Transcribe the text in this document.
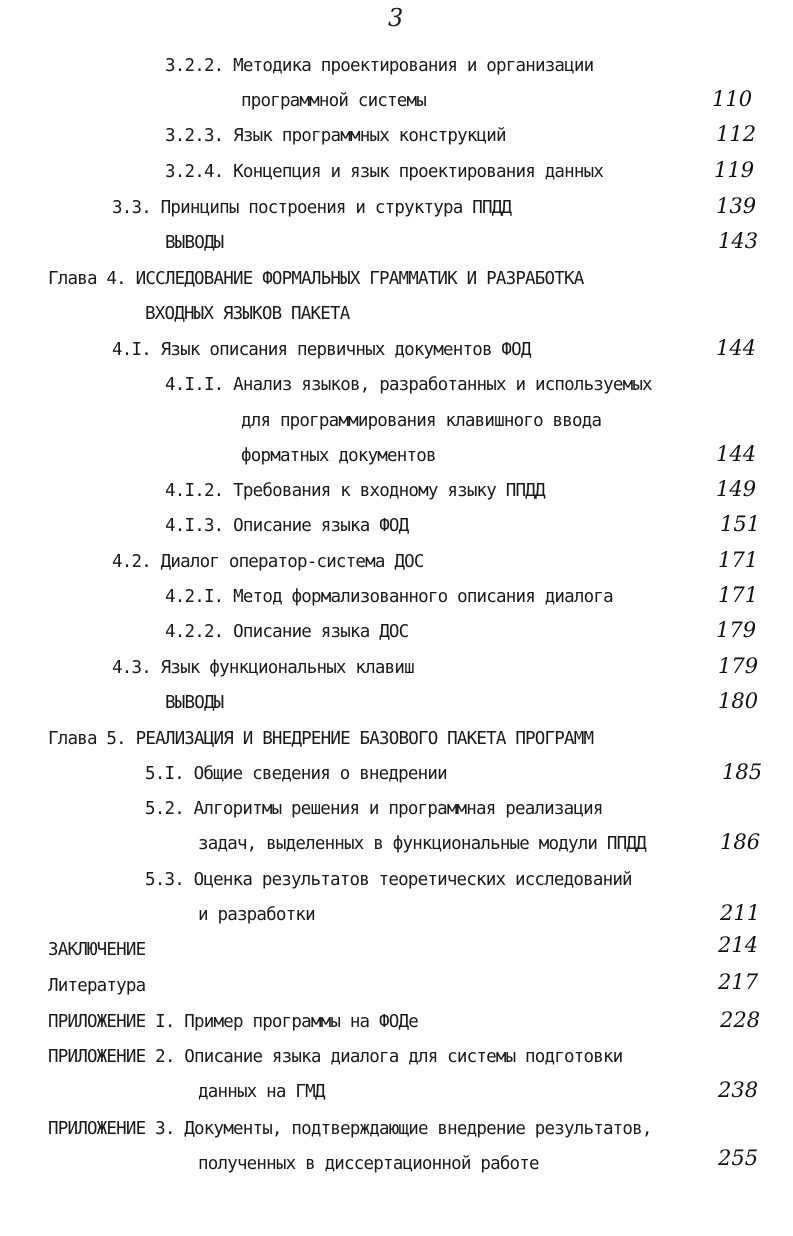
3
3.2.2. Методика проектирования и организации
программной системы	110
3.2.3. Язык программных конструкций	112
3.2.4. Концепция и язык проектирования данных	119
3.3. Принципы построения и структура ППДД	139
ВЫВОДЫ	143
Глава 4. ИССЛЕДОВАНИЕ ФОРМАЛЬНЫХ ГРАММАТИК И РАЗРАБОТКА
ВХОДНЫХ ЯЗЫКОВ ПАКЕТА
4.I. Язык описания первичных документов ФОД	144
4.I.I. Анализ языков, разработанных и используемых
для программирования клавишного ввода
форматных документов	144
4.I.2. Требования к входному языку ППДД	149
4.I.3. Описание языка ФОД	151
4.2. Диалог оператор-система ДОС	171
4.2.I. Метод формализованного описания диалога	171
4.2.2. Описание языка ДОС	179
4.3. Язык функциональных клавиш	179
ВЫВОДЫ	180
Глава 5. РЕАЛИЗАЦИЯ И ВНЕДРЕНИЕ БАЗОВОГО ПАКЕТА ПРОГРАММ
5.I. Общие сведения о внедрении	185
5.2. Алгоритмы решения и программная реализация
задач, выделенных в функциональные модули ППДД	186
5.3. Оценка результатов теоретических исследований
и разработки	211
ЗАКЛЮЧЕНИЕ	214
Литература	217
ПРИЛОЖЕНИЕ I. Пример программы на ФОДе	228
ПРИЛОЖЕНИЕ 2. Описание языка диалога для системы подготовки
данных на ГМД	238
ПРИЛОЖЕНИЕ 3. Документы, подтверждающие внедрение результатов,
полученных в диссертационной работе	255
